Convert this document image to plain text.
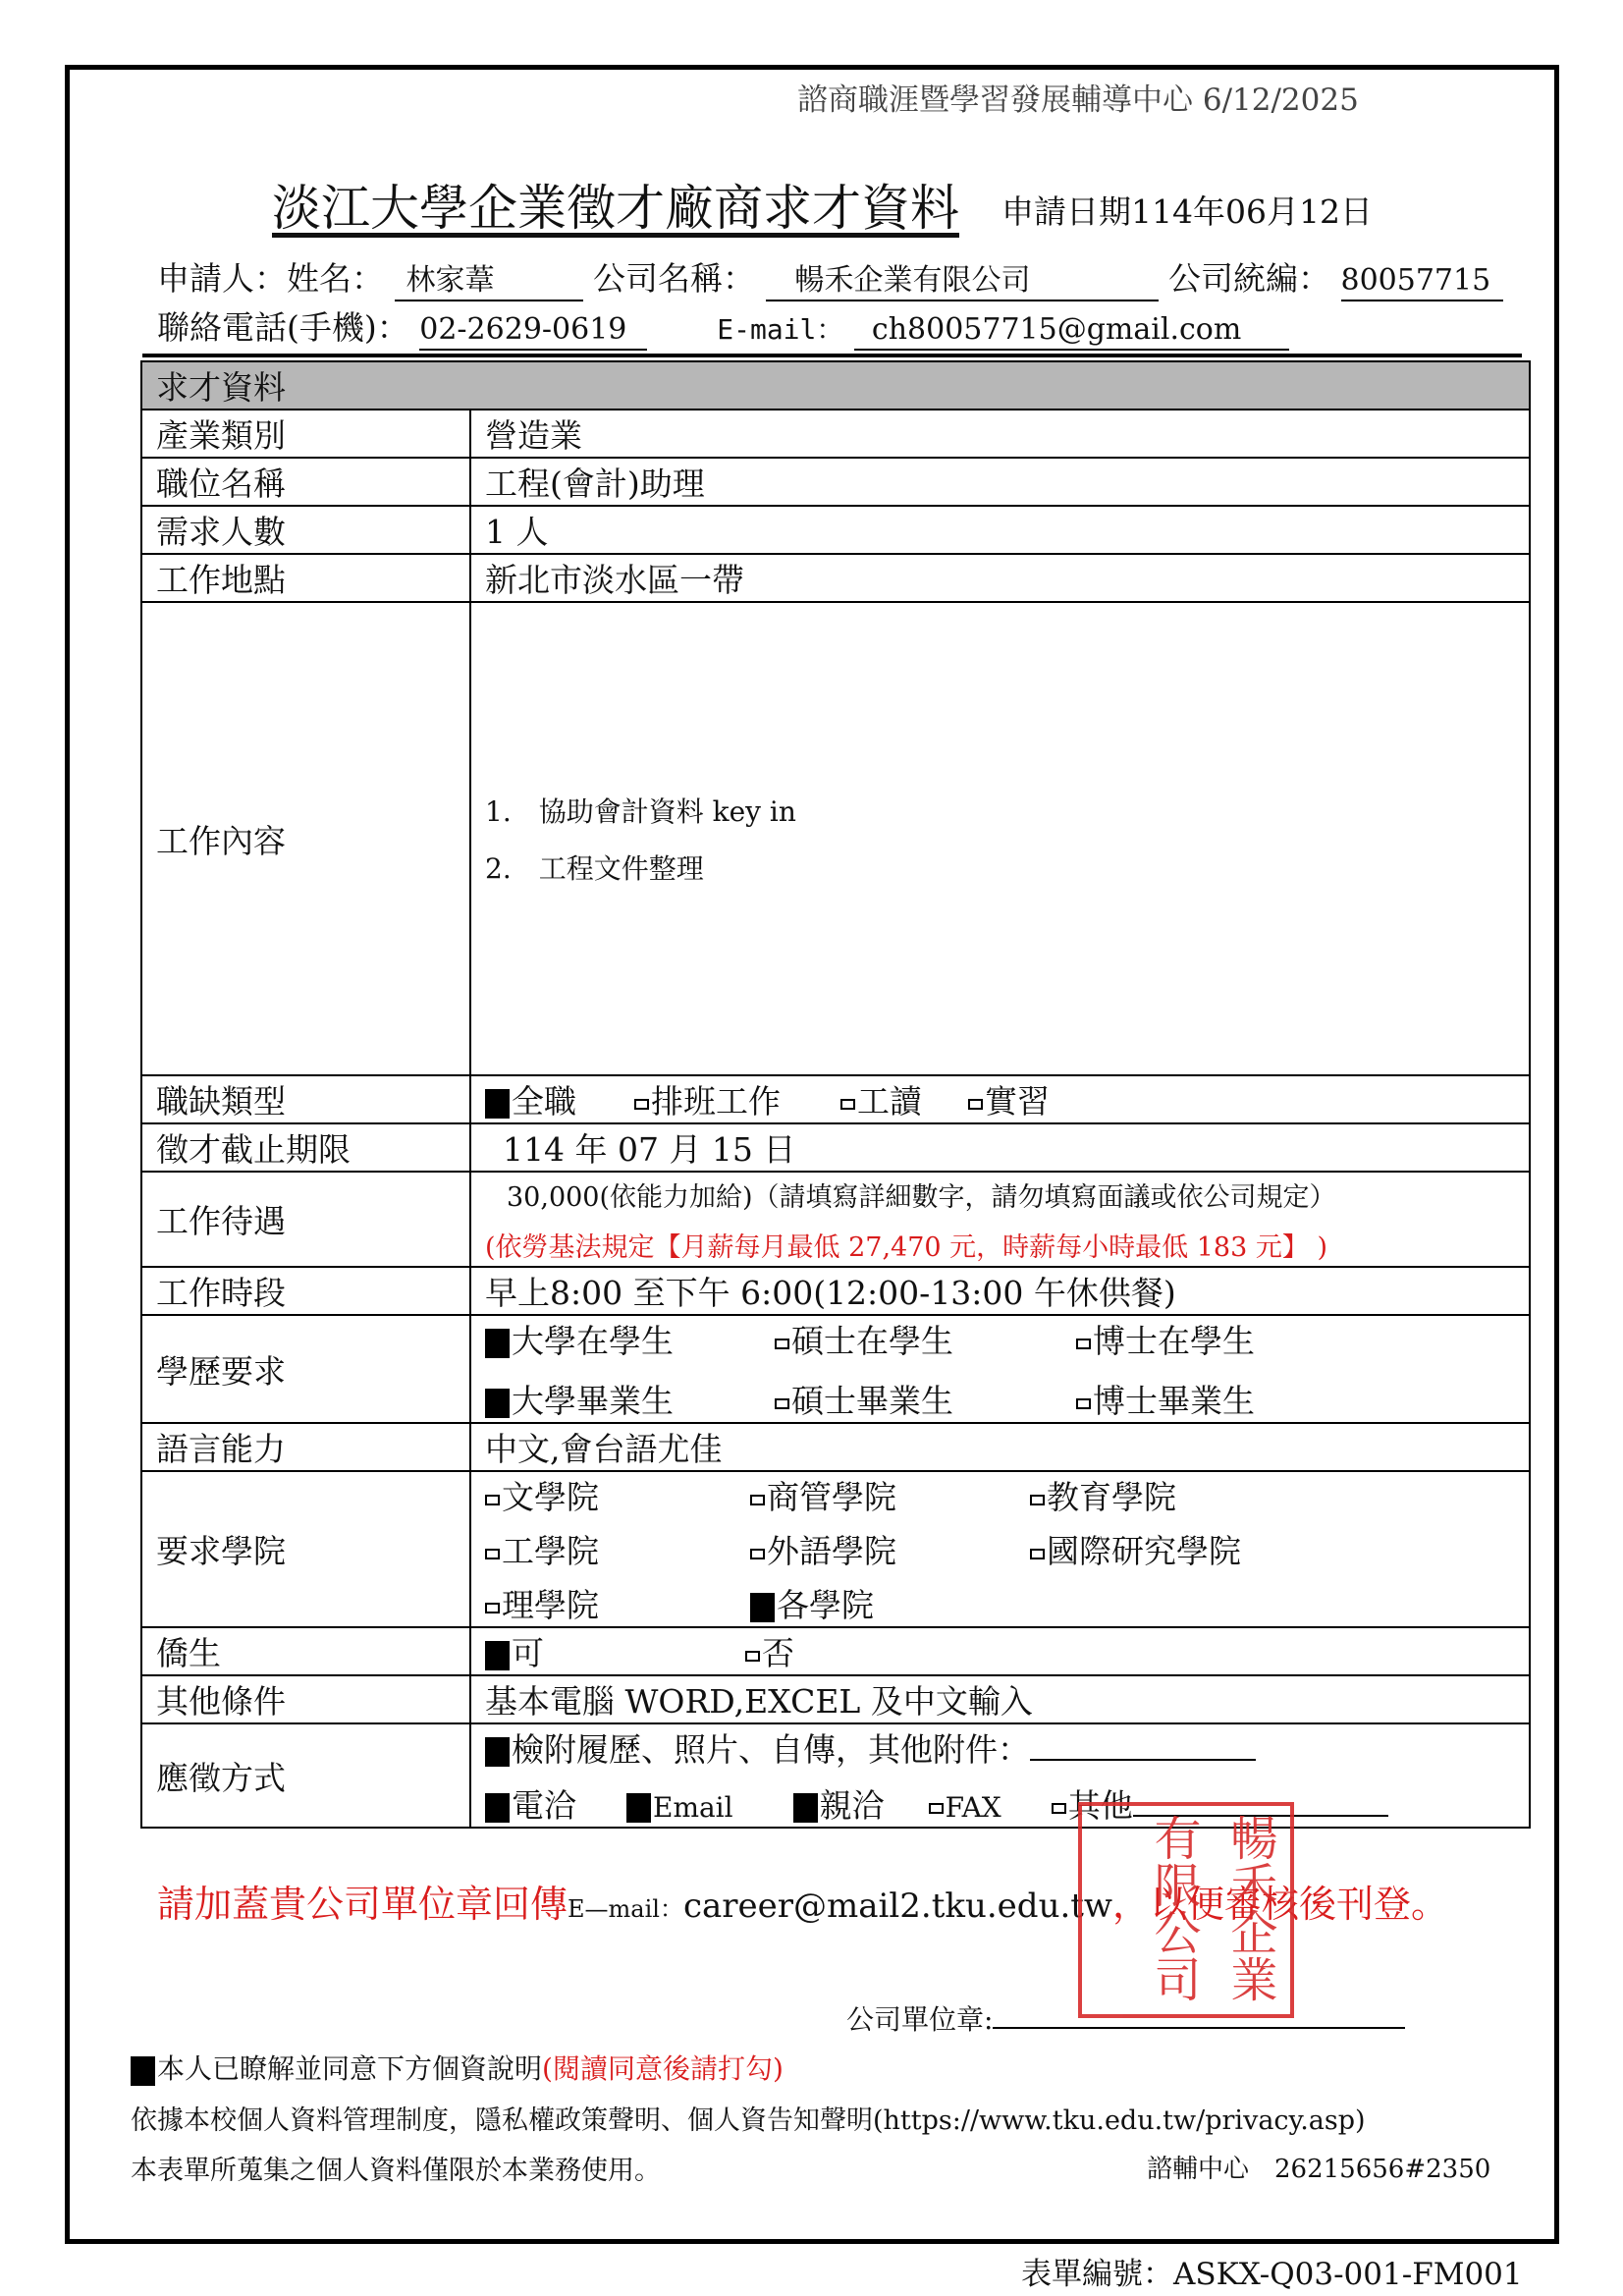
諮商職涯暨學習發展輔導中心 6/12/2025
淡江大學企業徵才廠商求才資料 申請日期114年06月12日
申請人：姓名： 林家葦	公司名稱： 暢禾企業有限公司	公司統編： 80057715
聯絡電話(手機)： 02-2629-0619	E-mail： ch80057715@gmail.com
求才資料	
產業類別	營造業
職位名稱	工程(會計)助理
需求人數	1 人
工作地點	新北市淡水區一帶
工作內容	1.　協助會計資料 key in
2.　工程文件整理

職缺類型	全職 排班工作 工讀 實習
徵才截止期限	114 年 07 月 15 日
工作待遇	30,000(依能力加給)（請填寫詳細數字，請勿填寫面議或依公司規定）
(依勞基法規定【月薪每月最低 27,470 元，時薪每小時最低 183 元】 )

工作時段	早上8:00 至下午 6:00(12:00-13:00 午休供餐)
學歷要求	大學在學生 碩士在學生 博士在學生
大學畢業生 碩士畢業生 博士畢業生

語言能力	中文,會台語尤佳
要求學院	文學院 商管學院 教育學院
工學院 外語學院 國際研究學院
理學院 各學院

僑生	可 否
其他條件	基本電腦 WORD,EXCEL 及中文輸入
應徵方式	檢附履歷、照片、自傳，其他附件：
電洽 Email 親洽 FAX 其他
請加蓋貴公司單位章回傳E—mail：career@mail2.tku.edu.tw，以便審核後刊登。
暢禾企業
有限公司
公司單位章:
本人已瞭解並同意下方個資說明(閱讀同意後請打勾)
依據本校個人資料管理制度，隱私權政策聲明、個人資告知聲明(https://www.tku.edu.tw/privacy.asp)
本表單所蒐集之個人資料僅限於本業務使用。	諮輔中心　26215656#2350
表單編號：ASKX-Q03-001-FM001
